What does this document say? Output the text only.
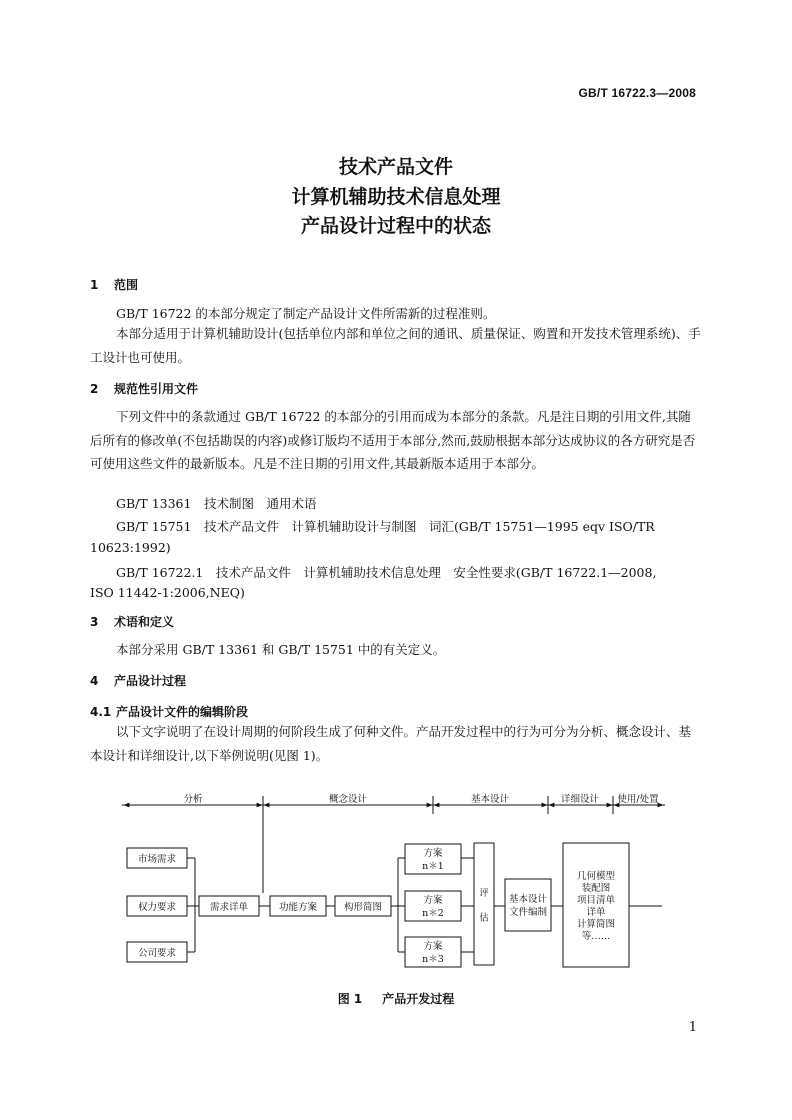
GB/T 16722.3—2008
技术产品文件
计算机辅助技术信息处理
产品设计过程中的状态
1 范围
GB/T 16722 的本部分规定了制定产品设计文件所需新的过程准则。
本部分适用于计算机辅助设计(包括单位内部和单位之间的通讯、质量保证、购置和开发技术管理系统)、手工设计也可使用。
2 规范性引用文件
下列文件中的条款通过 GB/T 16722 的本部分的引用而成为本部分的条款。凡是注日期的引用文件,其随后所有的修改单(不包括勘误的内容)或修订版均不适用于本部分,然而,鼓励根据本部分达成协议的各方研究是否可使用这些文件的最新版本。凡是不注日期的引用文件,其最新版本适用于本部分。
GB/T 13361　技术制图　通用术语
GB/T 15751　技术产品文件　计算机辅助设计与制图　词汇(GB/T 15751—1995 eqv ISO/TR
10623:1992)
GB/T 16722.1　技术产品文件　计算机辅助技术信息处理　安全性要求(GB/T 16722.1—2008,
ISO 11442-1:2006,NEQ)
3 术语和定义
本部分采用 GB/T 13361 和 GB/T 15751 中的有关定义。
4 产品设计过程
4.1 产品设计文件的编辑阶段
以下文字说明了在设计周期的何阶段生成了何种文件。产品开发过程中的行为可分为分析、概念设计、基本设计和详细设计,以下举例说明(见图 1)。
分析	概念设计	基本设计	详细设计 使用/处置
市场需求
权力要求
公司要求
需求详单	功能方案	构形简图
方案
n＊1
方案
n＊2
方案
n＊3
评
估
基本设计
文件编制
几何模型
装配图
项目清单
详单
计算简图
等……
图 1 产品开发过程
1
